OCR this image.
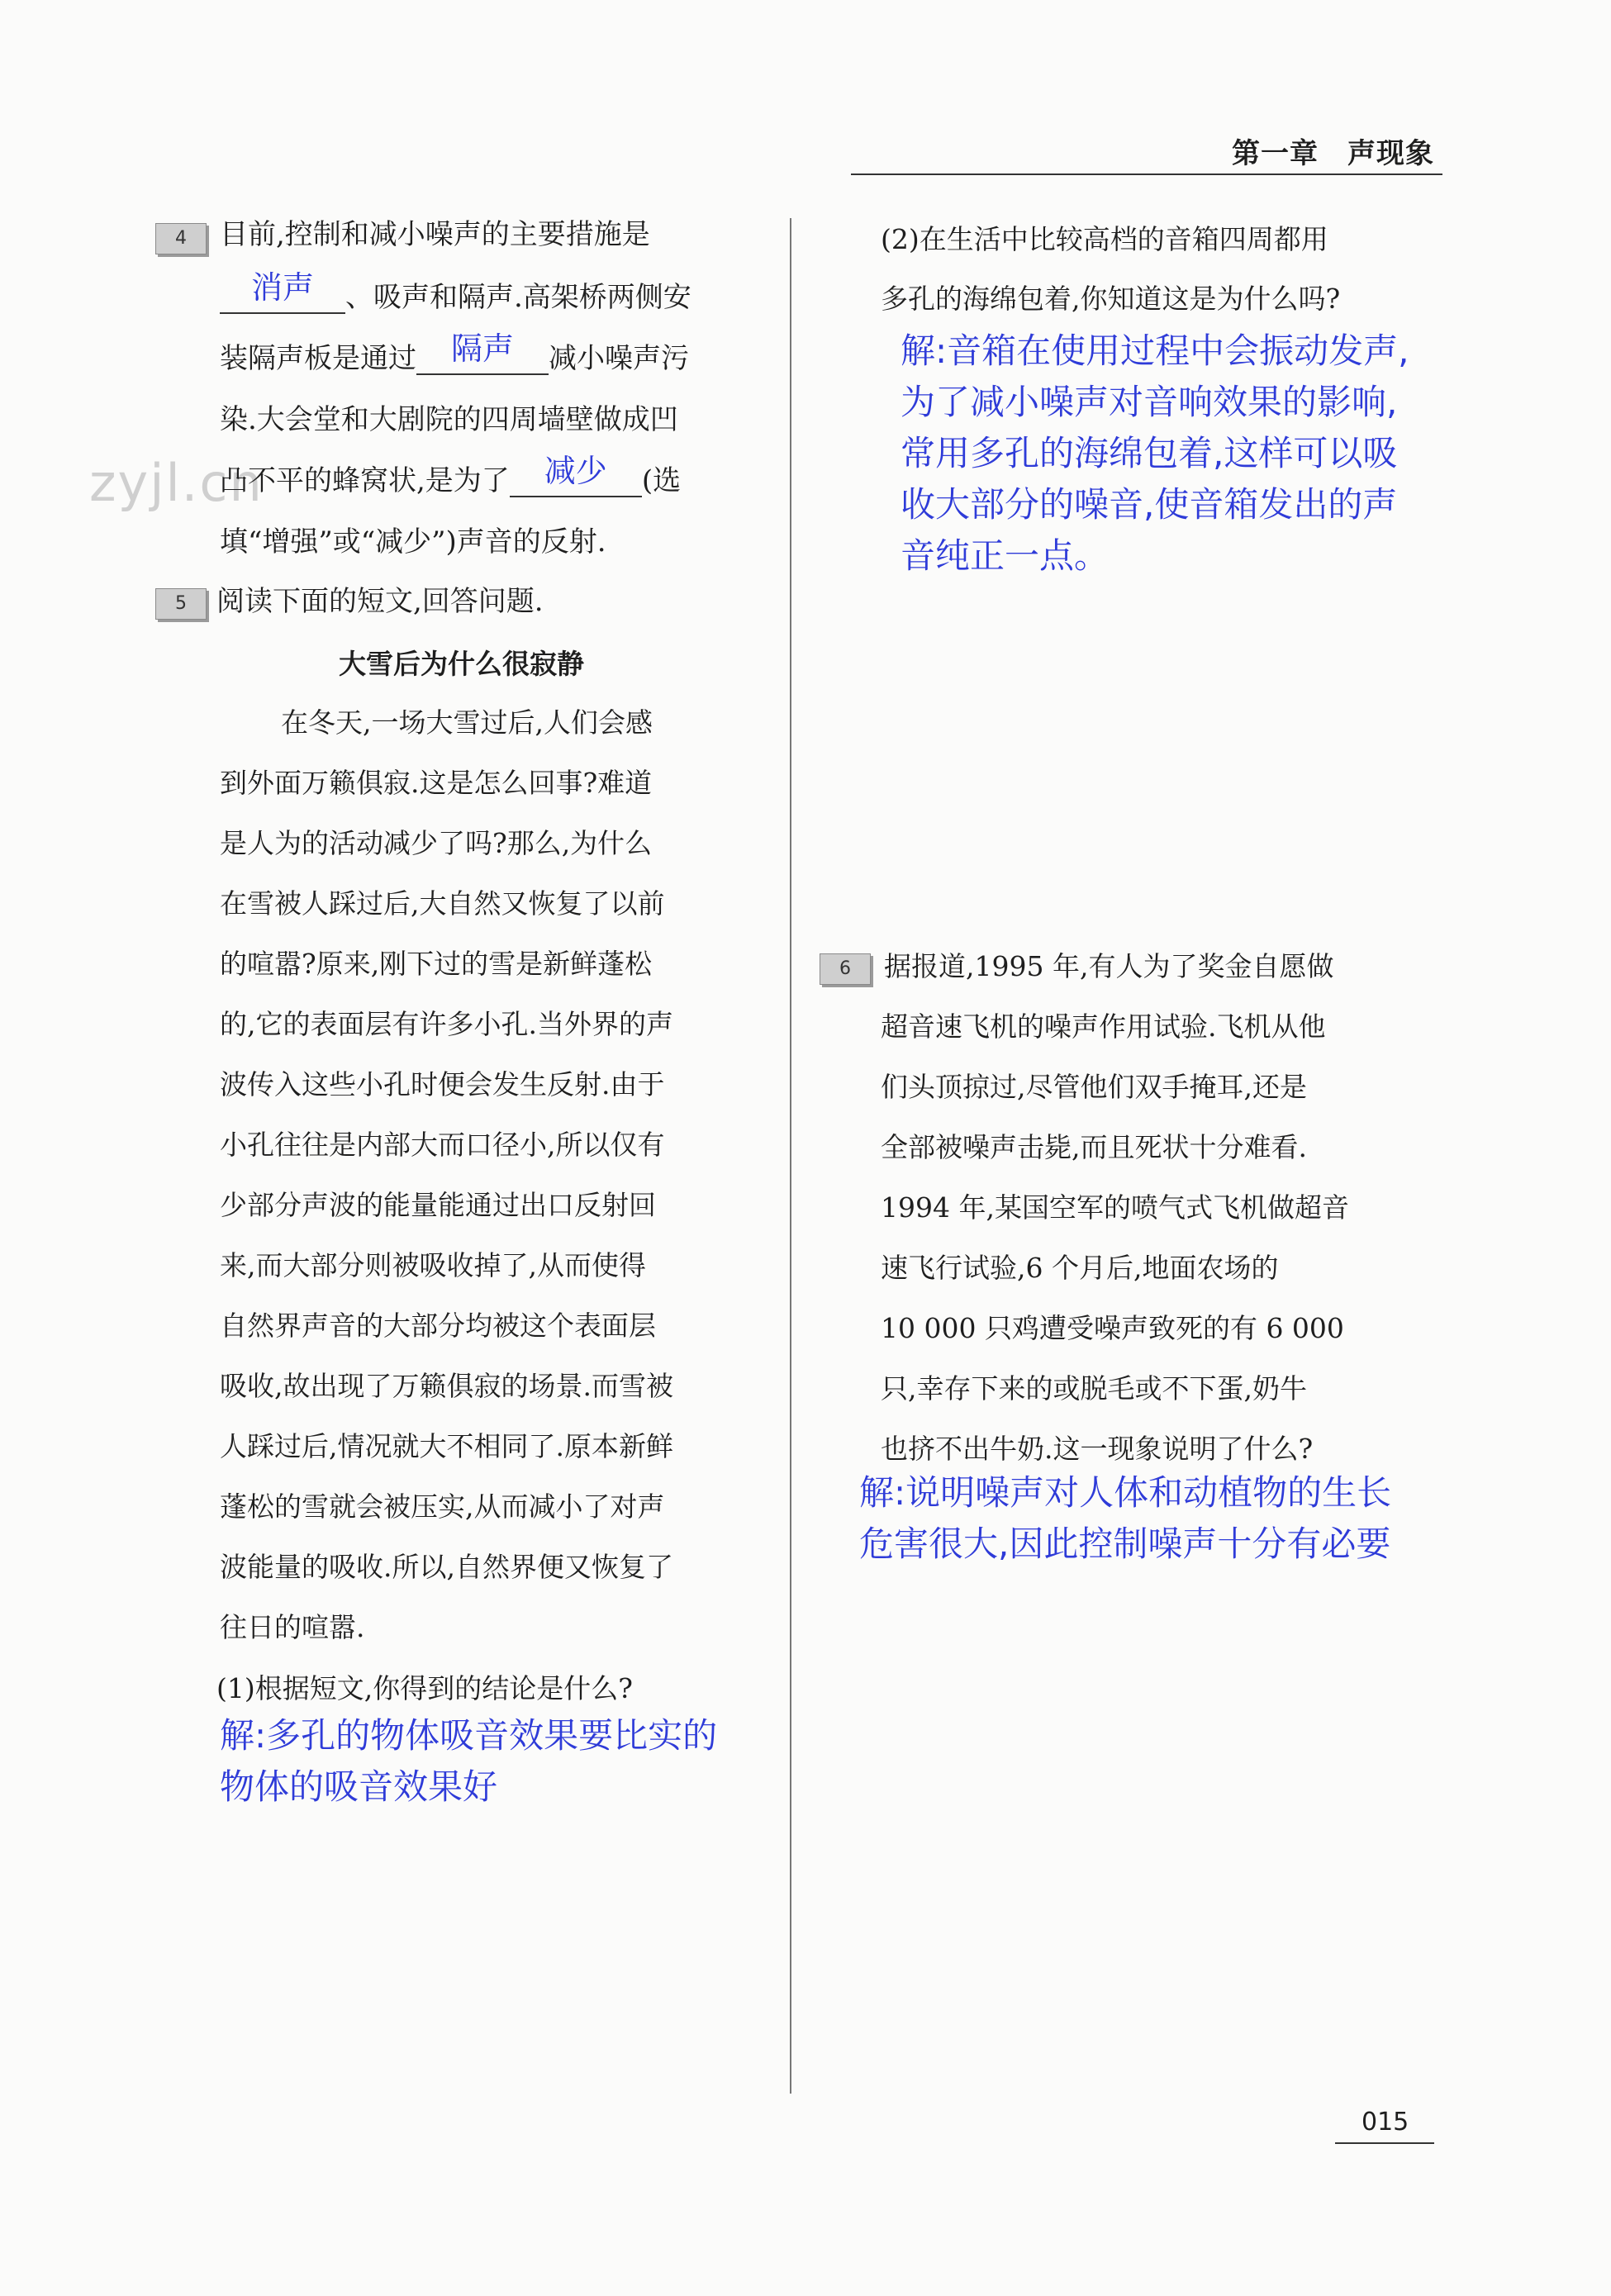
第一章　声现象
zyjl.cn
4	目前,控制和减小噪声的主要措施是
消声	、吸声和隔声.高架桥两侧安
装隔声板是通过	隔声	减小噪声污
染.大会堂和大剧院的四周墙壁做成凹
凸不平的蜂窝状,是为了	减少	(选
填“增强”或“减少”)声音的反射.
5	阅读下面的短文,回答问题.
大雪后为什么很寂静
在冬天,一场大雪过后,人们会感
到外面万籁俱寂.这是怎么回事?难道
是人为的活动减少了吗?那么,为什么
在雪被人踩过后,大自然又恢复了以前
的喧嚣?原来,刚下过的雪是新鲜蓬松
的,它的表面层有许多小孔.当外界的声
波传入这些小孔时便会发生反射.由于
小孔往往是内部大而口径小,所以仅有
少部分声波的能量能通过出口反射回
来,而大部分则被吸收掉了,从而使得
自然界声音的大部分均被这个表面层
吸收,故出现了万籁俱寂的场景.而雪被
人踩过后,情况就大不相同了.原本新鲜
蓬松的雪就会被压实,从而减小了对声
波能量的吸收.所以,自然界便又恢复了
往日的喧嚣.
(1)根据短文,你得到的结论是什么?
解:多孔的物体吸音效果要比实的
物体的吸音效果好
(2)在生活中比较高档的音箱四周都用
多孔的海绵包着,你知道这是为什么吗?
解:音箱在使用过程中会振动发声,
为了减小噪声对音响效果的影响,
常用多孔的海绵包着,这样可以吸
收大部分的噪音,使音箱发出的声
音纯正一点。
6	据报道,1995 年,有人为了奖金自愿做
超音速飞机的噪声作用试验.飞机从他
们头顶掠过,尽管他们双手掩耳,还是
全部被噪声击毙,而且死状十分难看.
1994 年,某国空军的喷气式飞机做超音
速飞行试验,6 个月后,地面农场的
10 000 只鸡遭受噪声致死的有 6 000
只,幸存下来的或脱毛或不下蛋,奶牛
也挤不出牛奶.这一现象说明了什么?
解:说明噪声对人体和动植物的生长
危害很大,因此控制噪声十分有必要
015
